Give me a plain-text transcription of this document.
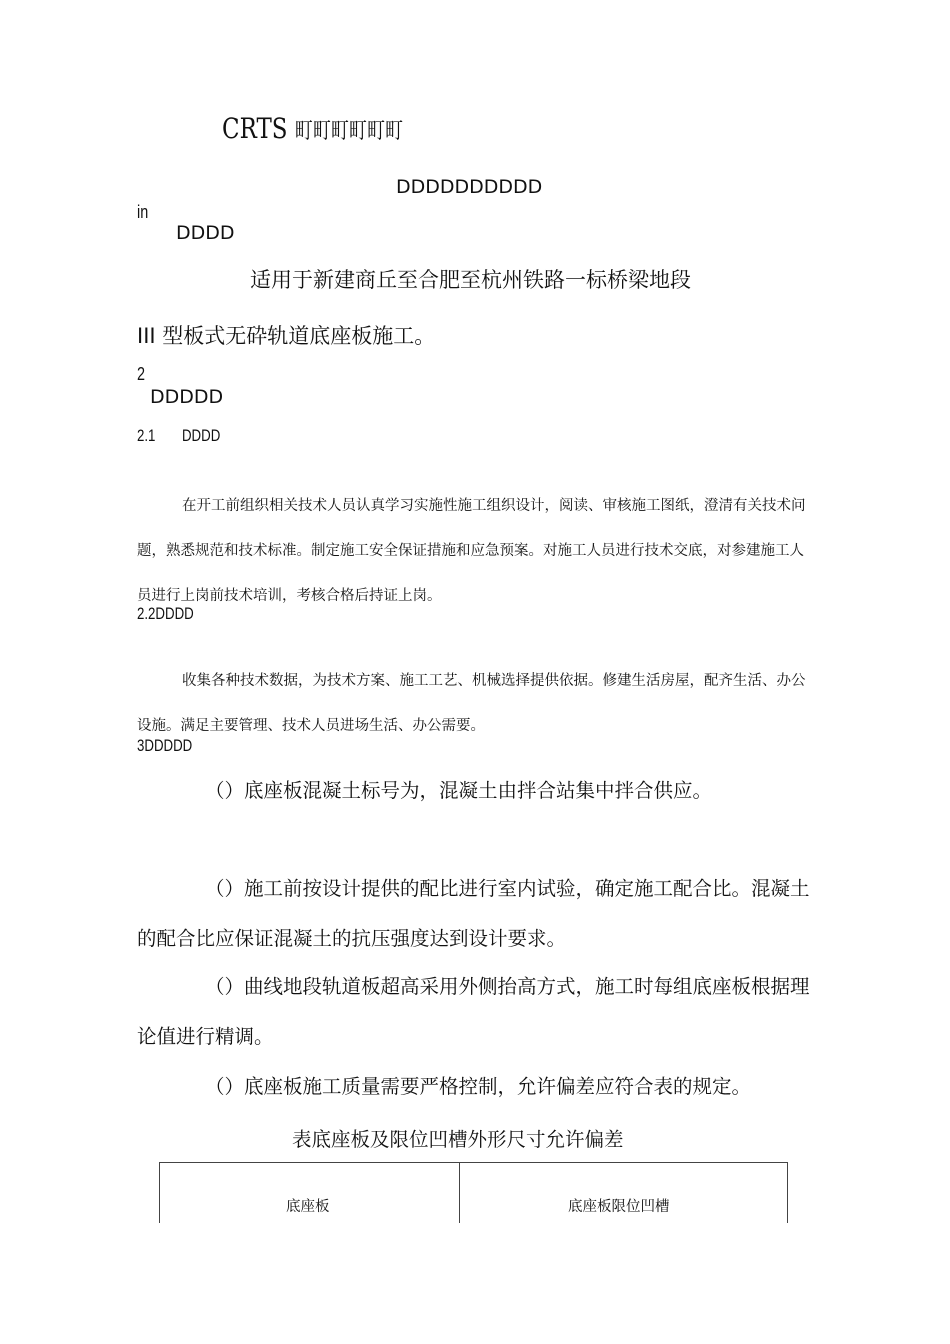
CRTS 町町町町町町
DDDDDDDDDD
in
DDDD
适用于新建商丘至合肥至杭州铁路一标桥梁地段
III 型板式无砕轨道底座板施工。
2
DDDDD
2.1 DDDD
在开工前组织相关技术人员认真学习实施性施工组织设计，阅读、审核施工图纸，澄清有关技术问题，熟悉规范和技术标准。制定施工安全保证措施和应急预案。对施工人员进行技术交底，对参建施工人员进行上岗前技术培训，考核合格后持证上岗。
2.2DDDD
收集各种技术数据，为技术方案、施工工艺、机械选择提供依据。修建生活房屋，配齐生活、办公设施。满足主要管理、技术人员进场生活、办公需要。
3DDDDD
（）底座板混凝土标号为，混凝土由拌合站集中拌合供应。
（）施工前按设计提供的配比进行室内试验，确定施工配合比。混凝土的配合比应保证混凝土的抗压强度达到设计要求。
（）曲线地段轨道板超高采用外侧抬高方式，施工时每组底座板根据理论值进行精调。
（）底座板施工质量需要严格控制，允许偏差应符合表的规定。
表底座板及限位凹槽外形尺寸允许偏差
底座板	底座板限位凹槽
